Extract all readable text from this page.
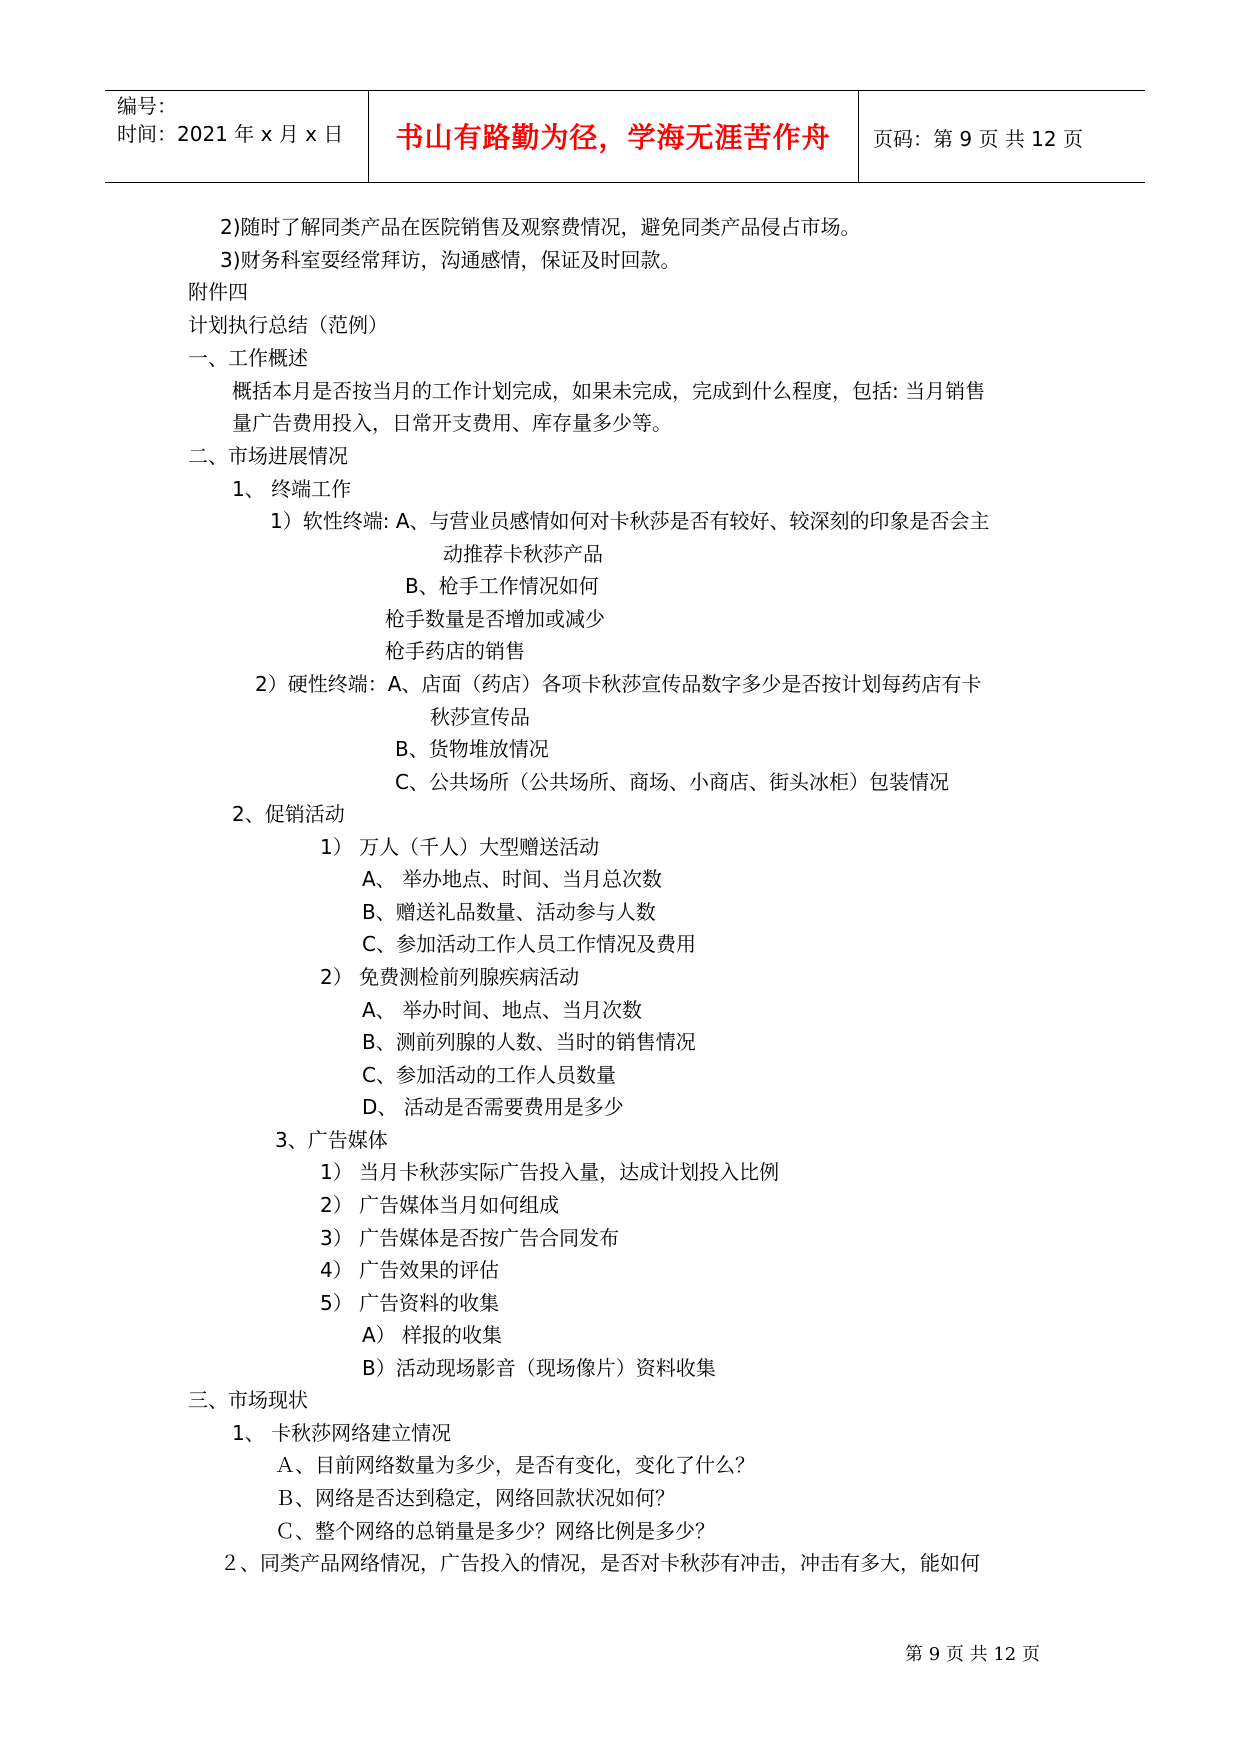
编号：
时间：2021 年 x 月 x 日	书山有路勤为径，学海无涯苦作舟	页码：第 9 页 共 12 页
2)随时了解同类产品在医院销售及观察费情况，避免同类产品侵占市场。
3)财务科室耍经常拜访，沟通感情，保证及时回款。
附件四
计划执行总结（范例）
一、工作概述
概括本月是否按当月的工作计划完成，如果未完成，完成到什么程度，包括: 当月销售
量广告费用投入，日常开支费用、库存量多少等。
二、市场进展情况
1、 终端工作
1）软性终端: A、与营业员感情如何对卡秋莎是否有较好、较深刻的印象是否会主
动推荐卡秋莎产品
B、枪手工作情况如何
枪手数量是否增加或减少
枪手药店的销售
2）硬性终端：A、店面（药店）各项卡秋莎宣传品数字多少是否按计划每药店有卡
秋莎宣传品
B、货物堆放情况
C、公共场所（公共场所、商场、小商店、街头冰柜）包装情况
2、促销活动
1） 万人（千人）大型赠送活动
A、 举办地点、时间、当月总次数
B、赠送礼品数量、活动参与人数
C、参加活动工作人员工作情况及费用
2） 免费测检前列腺疾病活动
A、 举办时间、地点、当月次数
B、测前列腺的人数、当时的销售情况
C、参加活动的工作人员数量
D、 活动是否需要费用是多少
3、广告媒体
1） 当月卡秋莎实际广告投入量，达成计划投入比例
2） 广告媒体当月如何组成
3） 广告媒体是否按广告合同发布
4） 广告效果的评估
5） 广告资料的收集
A） 样报的收集
B）活动现场影音（现场像片）资料收集
三、市场现状
1、 卡秋莎网络建立情况
Ａ、目前网络数量为多少，是否有变化，变化了什么？
Ｂ、网络是否达到稳定，网络回款状况如何？
Ｃ、整个网络的总销量是多少？网络比例是多少？
２、同类产品网络情况，广告投入的情况，是否对卡秋莎有冲击，冲击有多大，能如何
第 9 页 共 12 页
